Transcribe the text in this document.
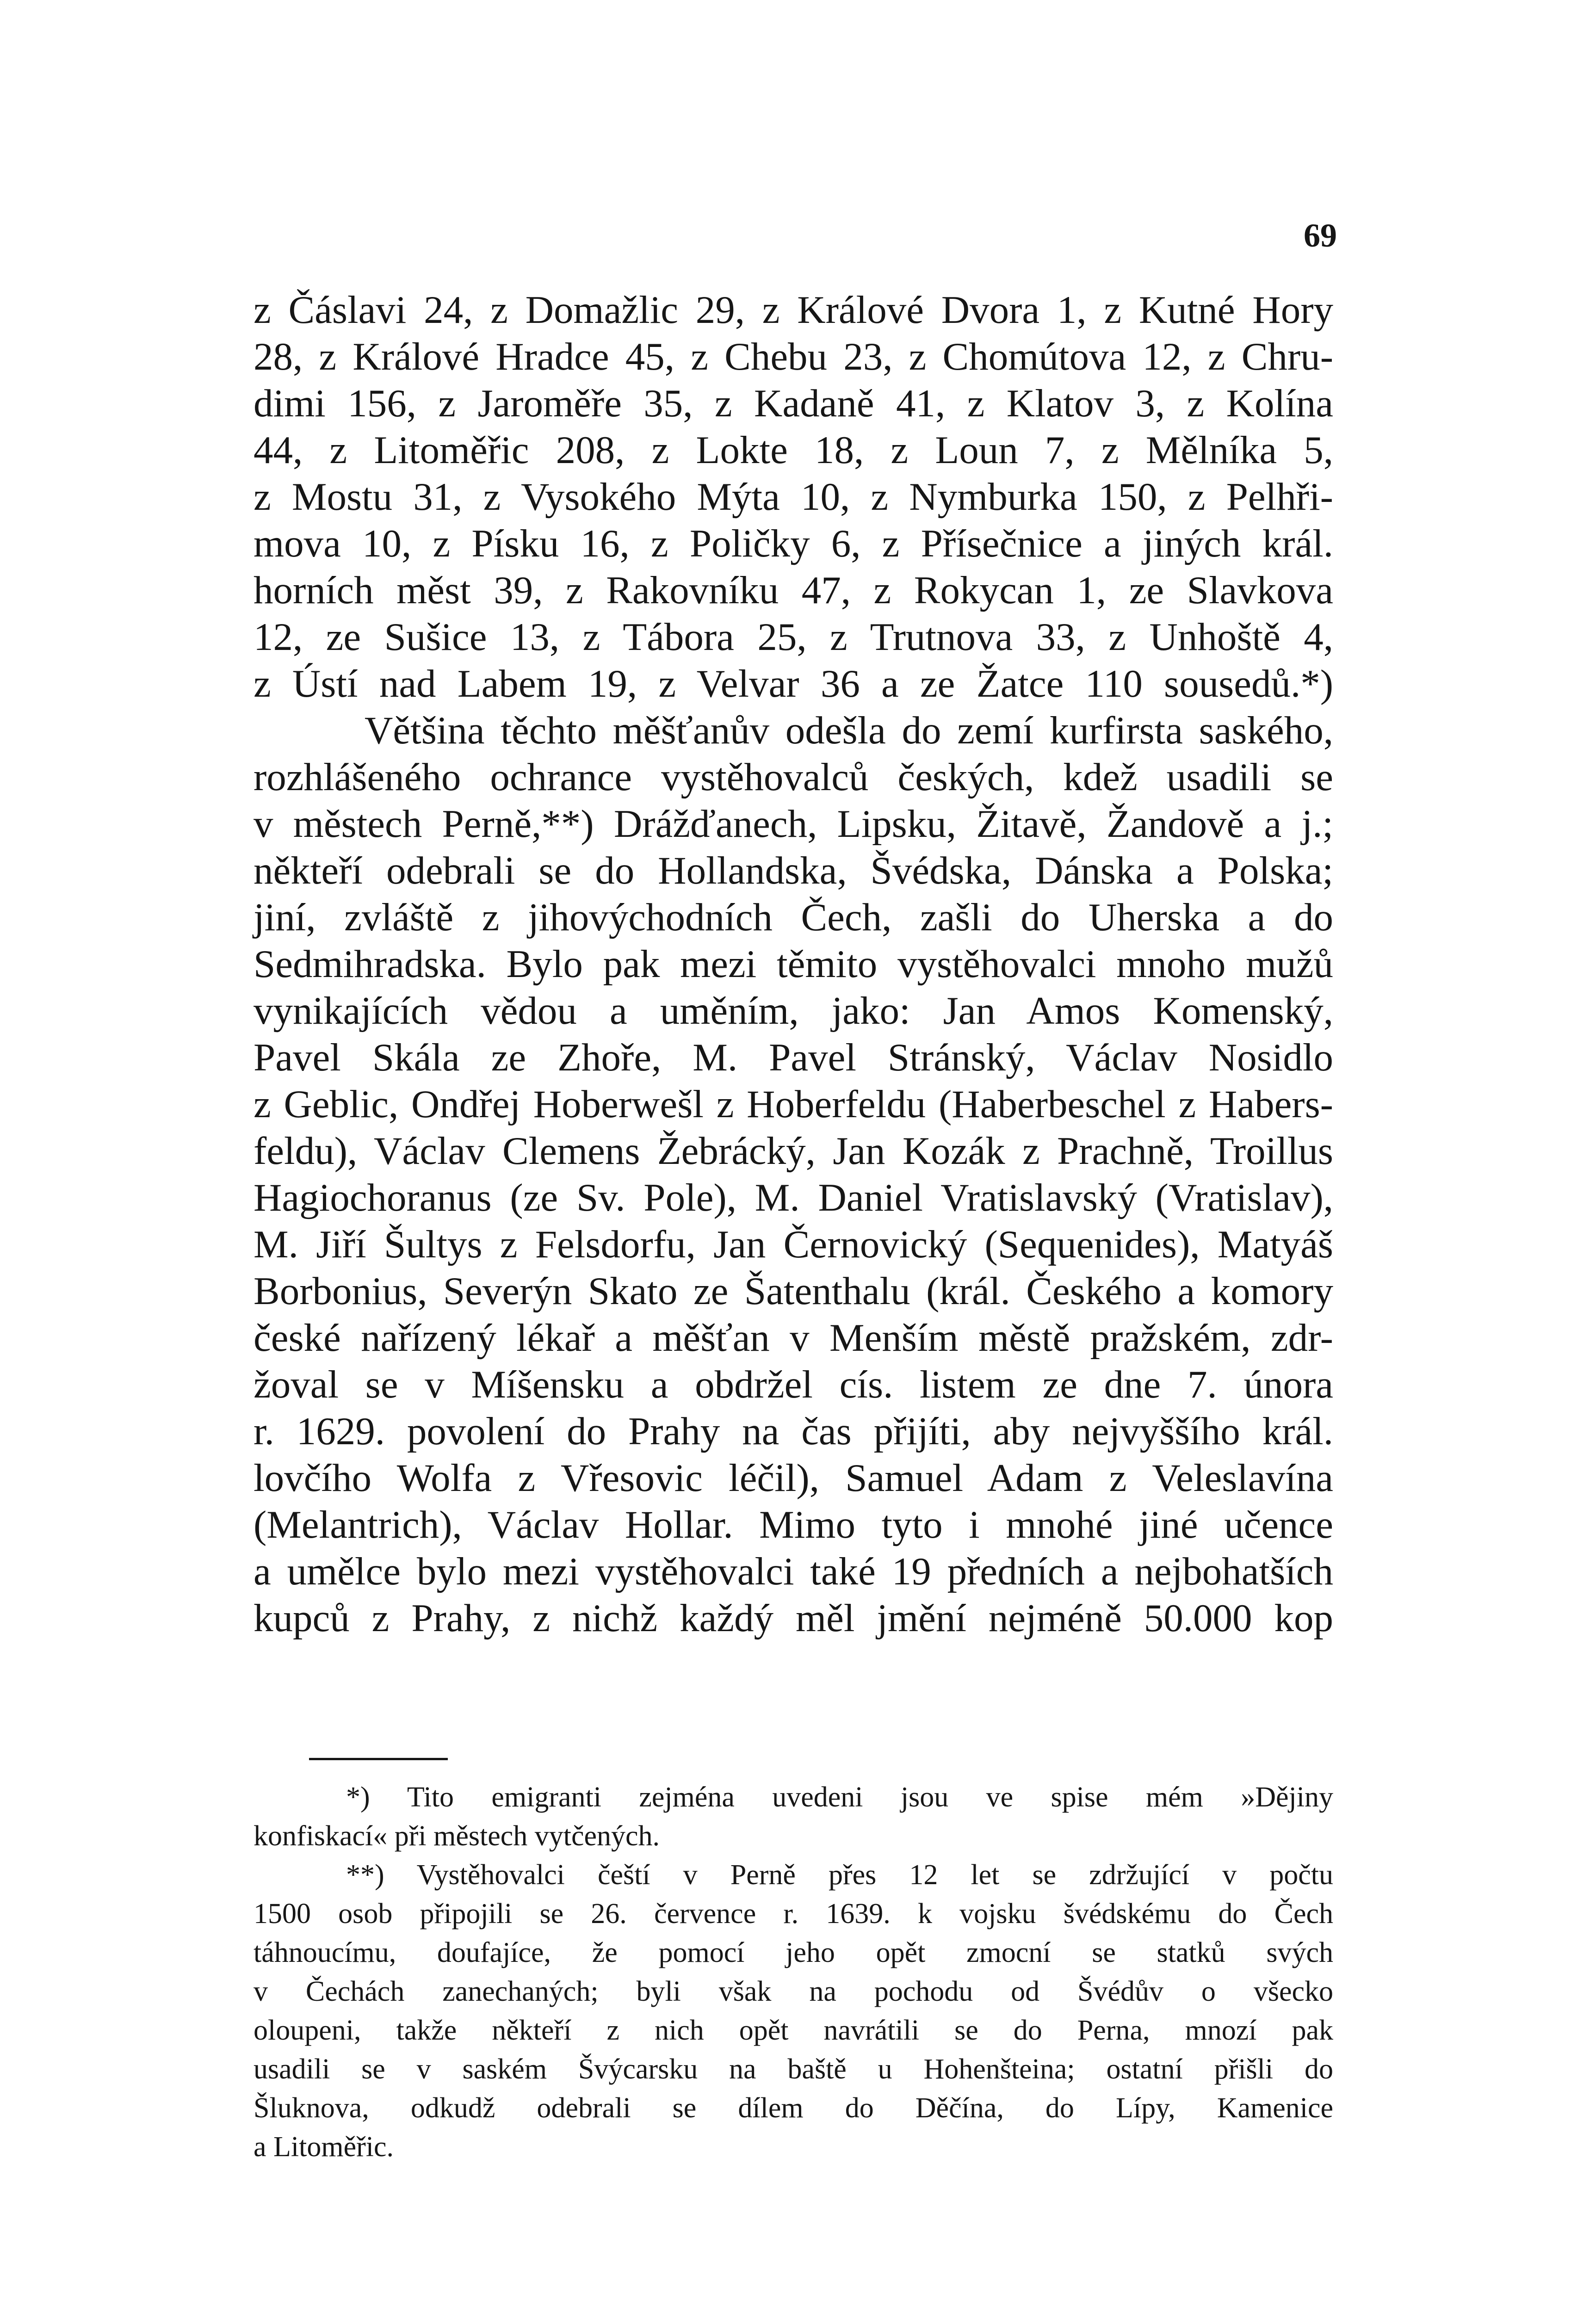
69
z Čáslavi 24, z Domažlic 29, z Králové Dvora 1, z Kutné Hory
28, z Králové Hradce 45, z Chebu 23, z Chomútova 12, z Chru-
dimi 156, z Jaroměře 35, z Kadaně 41, z Klatov 3, z Kolína
44, z Litoměřic 208, z Lokte 18, z Loun 7, z Mělníka 5,
z Mostu 31, z Vysokého Mýta 10, z Nymburka 150, z Pelhři-
mova 10, z Písku 16, z Poličky 6, z Přísečnice a jiných král.
horních měst 39, z Rakovníku 47, z Rokycan 1, ze Slavkova
12, ze Sušice 13, z Tábora 25, z Trutnova 33, z Unhoště 4,
z Ústí nad Labem 19, z Velvar 36 a ze Žatce 110 sousedů.*)
Většina těchto měšťanův odešla do zemí kurfirsta saského,
rozhlášeného ochrance vystěhovalců českých, kdež usadili se
v městech Perně,**) Drážďanech, Lipsku, Žitavě, Žandově a j.;
někteří odebrali se do Hollandska, Švédska, Dánska a Polska;
jiní, zvláště z jihovýchodních Čech, zašli do Uherska a do
Sedmihradska. Bylo pak mezi těmito vystěhovalci mnoho mužů
vynikajících vědou a uměním, jako: Jan Amos Komenský,
Pavel Skála ze Zhoře, M. Pavel Stránský, Václav Nosidlo
z Geblic, Ondřej Hoberwešl z Hoberfeldu (Haberbeschel z Habers-
feldu), Václav Clemens Žebrácký, Jan Kozák z Prachně, Troillus
Hagiochoranus (ze Sv. Pole), M. Daniel Vratislavský (Vratislav),
M. Jiří Šultys z Felsdorfu, Jan Černovický (Sequenides), Matyáš
Borbonius, Severýn Skato ze Šatenthalu (král. Českého a komory
české nařízený lékař a měšťan v Menším městě pražském, zdr-
žoval se v Míšensku a obdržel cís. listem ze dne 7. února
r. 1629. povolení do Prahy na čas přijíti, aby nejvyššího král.
lovčího Wolfa z Vřesovic léčil), Samuel Adam z Veleslavína
(Melantrich), Václav Hollar. Mimo tyto i mnohé jiné učence
a umělce bylo mezi vystěhovalci také 19 předních a nejbohatších
kupců z Prahy, z nichž každý měl jmění nejméně 50.000 kop
*) Tito emigranti zejména uvedeni jsou ve spise mém »Dějiny
konfiskací« při městech vytčených.
**) Vystěhovalci čeští v Perně přes 12 let se zdržující v počtu
1500 osob připojili se 26. července r. 1639. k vojsku švédskému do Čech
táhnoucímu, doufajíce, že pomocí jeho opět zmocní se statků svých
v Čechách zanechaných; byli však na pochodu od Švédův o všecko
oloupeni, takže někteří z nich opět navrátili se do Perna, mnozí pak
usadili se v saském Švýcarsku na baště u Hohenšteina; ostatní přišli do
Šluknova, odkudž odebrali se dílem do Děčína, do Lípy, Kamenice
a Litoměřic.
